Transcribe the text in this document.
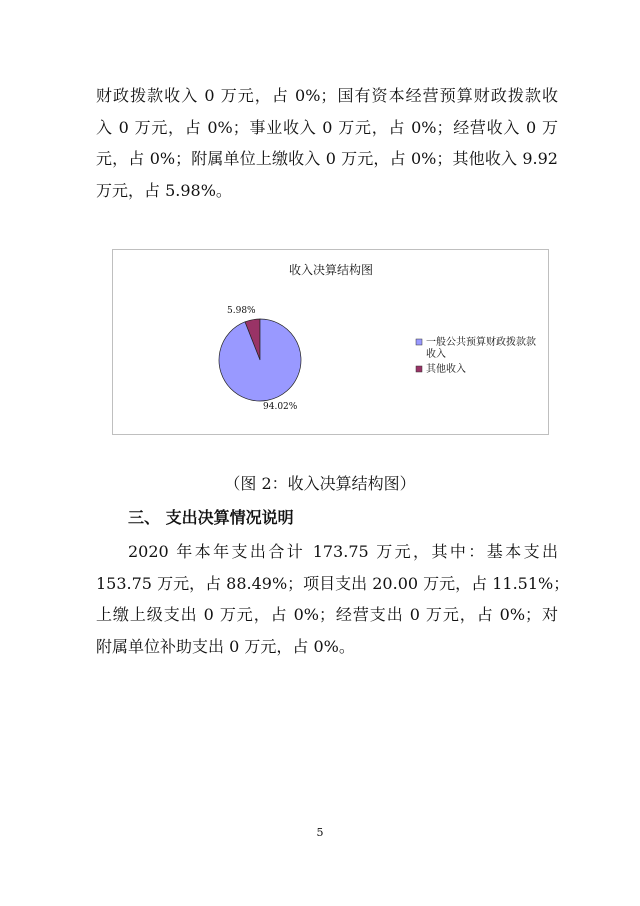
财政拨款收入 0 万元，占 0%；国有资本经营预算财政拨款收
入 0 万元，占 0%；事业收入 0 万元，占 0%；经营收入 0 万
元，占 0%；附属单位上缴收入 0 万元，占 0%；其他收入 9.92
万元，占 5.98%。
收入决算结构图
94.02%
5.98%
一般公共预算财政拨款款 收入
其他收入
（图 2：收入决算结构图）
三、 支出决算情况说明
2020 年本年支出合计 173.75 万元，其中：基本支出
153.75 万元，占 88.49%；项目支出 20.00 万元，占 11.51%；
上缴上级支出 0 万元，占 0%；经营支出 0 万元，占 0%；对
附属单位补助支出 0 万元，占 0%。
5
